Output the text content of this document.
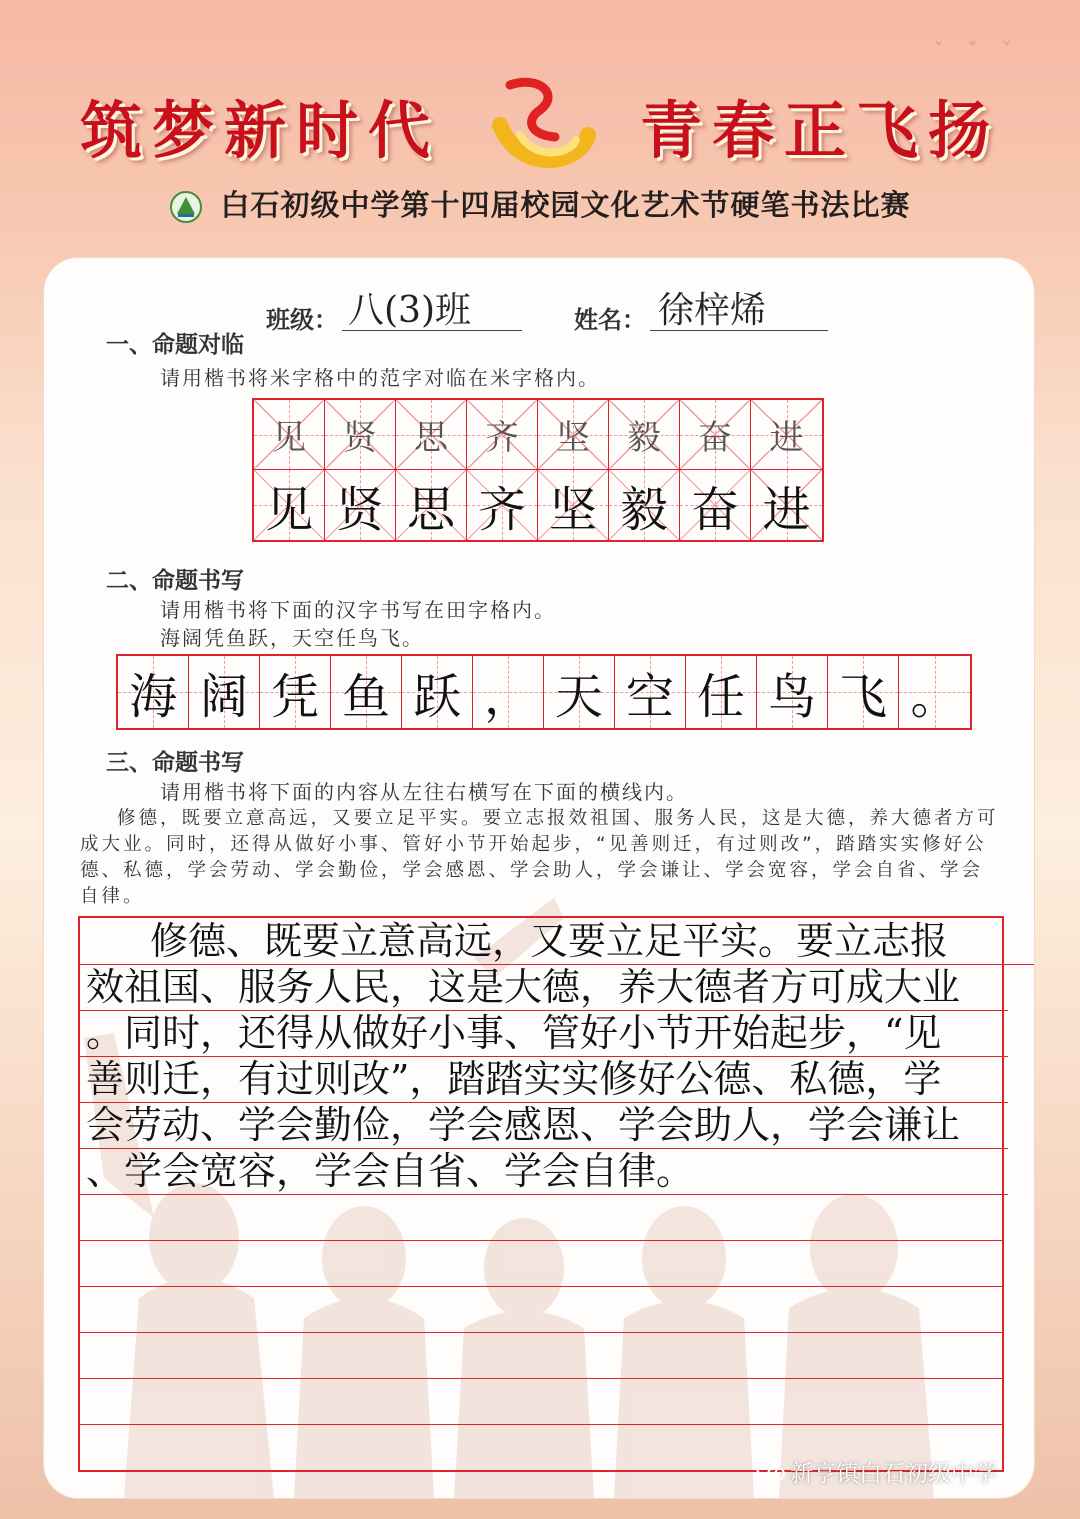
ˇ ˇ ˇ
筑梦新时代	青春正飞扬
白石初级中学第十四届校园文化艺术节硬笔书法比赛
班级： 八(3)班	姓名： 徐梓烯
一、命题对临
请用楷书将米字格中的范字对临在米字格内。
见 贤 思 齐 坚 毅 奋 进
见 贤 思 齐 坚 毅 奋 进
二、命题书写
请用楷书将下面的汉字书写在田字格内。
海阔凭鱼跃，天空任鸟飞。
海 阔 凭 鱼 跃 ， 天 空 任 鸟 飞 。
三、命题书写
请用楷书将下面的内容从左往右横写在下面的横线内。
修德，既要立意高远，又要立足平实。要立志报效祖国、服务人民，这是大德，养大德者方可成大业。同时，还得从做好小事、管好小节开始起步，“见善则迁，有过则改”，踏踏实实修好公德、私德，学会劳动、学会勤俭，学会感恩、学会助人，学会谦让、学会宽容，学会自省、学会自律。
修德、既要立意高远，又要立足平实。要立志报
效祖国、服务人民，这是大德，养大德者方可成大业
。同时，还得从做好小事、管好小节开始起步，“见
善则迁，有过则改”，踏踏实实修好公德、私德，学
会劳动、学会勤俭，学会感恩、学会助人，学会谦让
、学会宽容，学会自省、学会自律。
新亨镇白石初级中学
